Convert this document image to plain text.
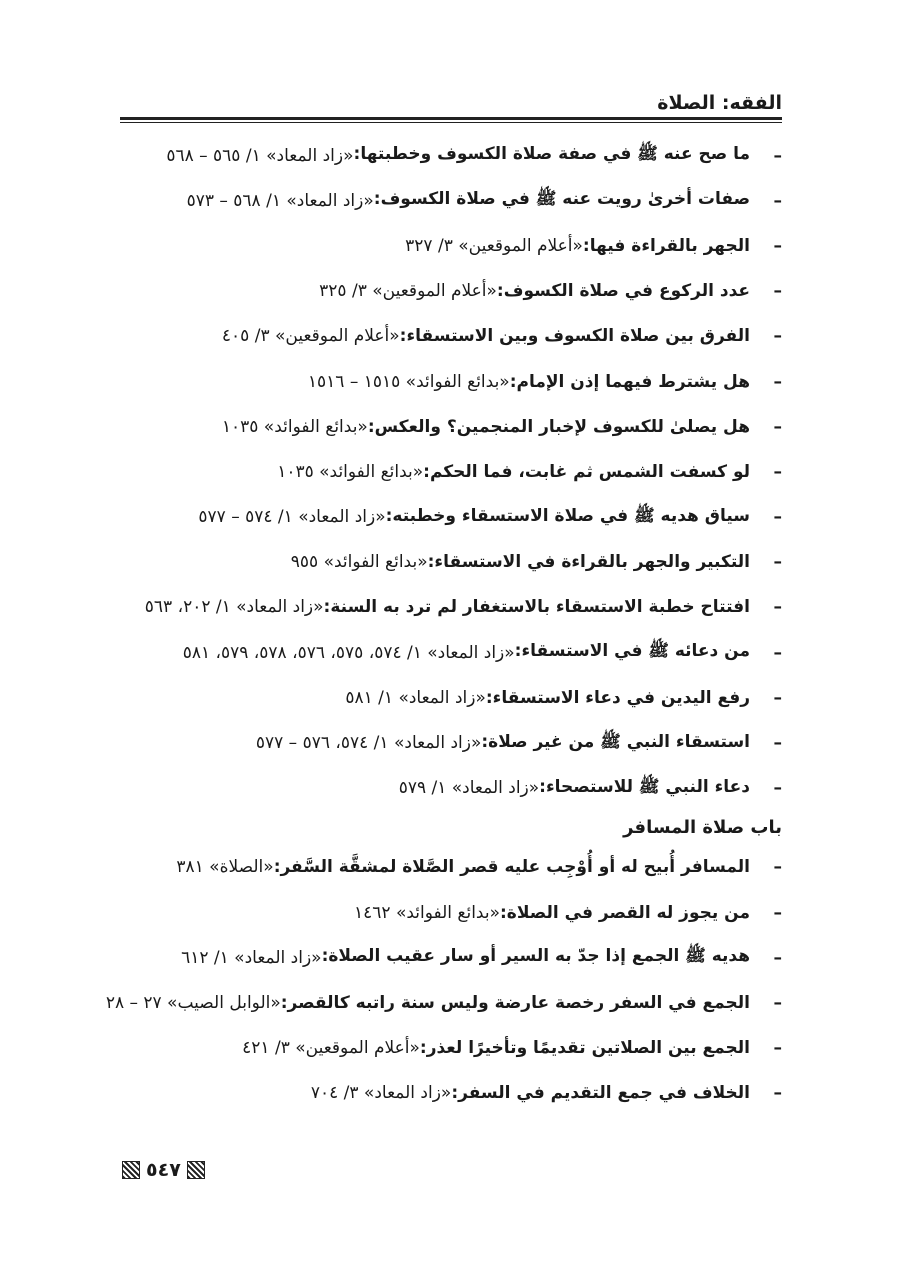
الفقه: الصلاة
–
ما صح عنه ﷺ في صفة صلاة الكسوف وخطبتها:
«زاد المعاد» ١/ ٥٦٥ – ٥٦٨
–
صفات أخرىٰ رويت عنه ﷺ في صلاة الكسوف:
«زاد المعاد» ١/ ٥٦٨ – ٥٧٣
–
الجهر بالقراءة فيها:
«أعلام الموقعين» ٣/ ٣٢٧
–
عدد الركوع في صلاة الكسوف:
«أعلام الموقعين» ٣/ ٣٢٥
–
الفرق بين صلاة الكسوف وبين الاستسقاء:
«أعلام الموقعين» ٣/ ٤٠٥
–
هل يشترط فيهما إذن الإمام:
«بدائع الفوائد» ١٥١٥ – ١٥١٦
–
هل يصلىٰ للكسوف لإخبار المنجمين؟ والعكس:
«بدائع الفوائد» ١٠٣٥
–
لو كسفت الشمس ثم غابت، فما الحكم:
«بدائع الفوائد» ١٠٣٥
–
سياق هديه ﷺ في صلاة الاستسقاء وخطبته:
«زاد المعاد» ١/ ٥٧٤ – ٥٧٧
–
التكبير والجهر بالقراءة في الاستسقاء:
«بدائع الفوائد» ٩٥٥
–
افتتاح خطبة الاستسقاء بالاستغفار لم ترد به السنة:
«زاد المعاد» ١/ ٢٠٢، ٥٦٣
–
من دعائه ﷺ في الاستسقاء:
«زاد المعاد» ١/ ٥٧٤، ٥٧٥، ٥٧٦، ٥٧٨، ٥٧٩، ٥٨١
–
رفع اليدين في دعاء الاستسقاء:
«زاد المعاد» ١/ ٥٨١
–
استسقاء النبي ﷺ من غير صلاة:
«زاد المعاد» ١/ ٥٧٤، ٥٧٦ – ٥٧٧
–
دعاء النبي ﷺ للاستصحاء:
«زاد المعاد» ١/ ٥٧٩
باب صلاة المسافر
–
المسافر أُبيح له أو أُوْجِب عليه قصر الصَّلاة لمشقَّة السَّفر:
«الصلاة» ٣٨١
–
من يجوز له القصر في الصلاة:
«بدائع الفوائد» ١٤٦٢
–
هديه ﷺ الجمع إذا جدّ به السير أو سار عقيب الصلاة:
«زاد المعاد» ١/ ٦١٢
–
الجمع في السفر رخصة عارضة وليس سنة راتبه كالقصر:
«الوابل الصيب» ٢٧ – ٢٨
–
الجمع بين الصلاتين تقديمًا وتأخيرًا لعذر:
«أعلام الموقعين» ٣/ ٤٢١
–
الخلاف في جمع التقديم في السفر:
«زاد المعاد» ٣/ ٧٠٤
٥٤٧
